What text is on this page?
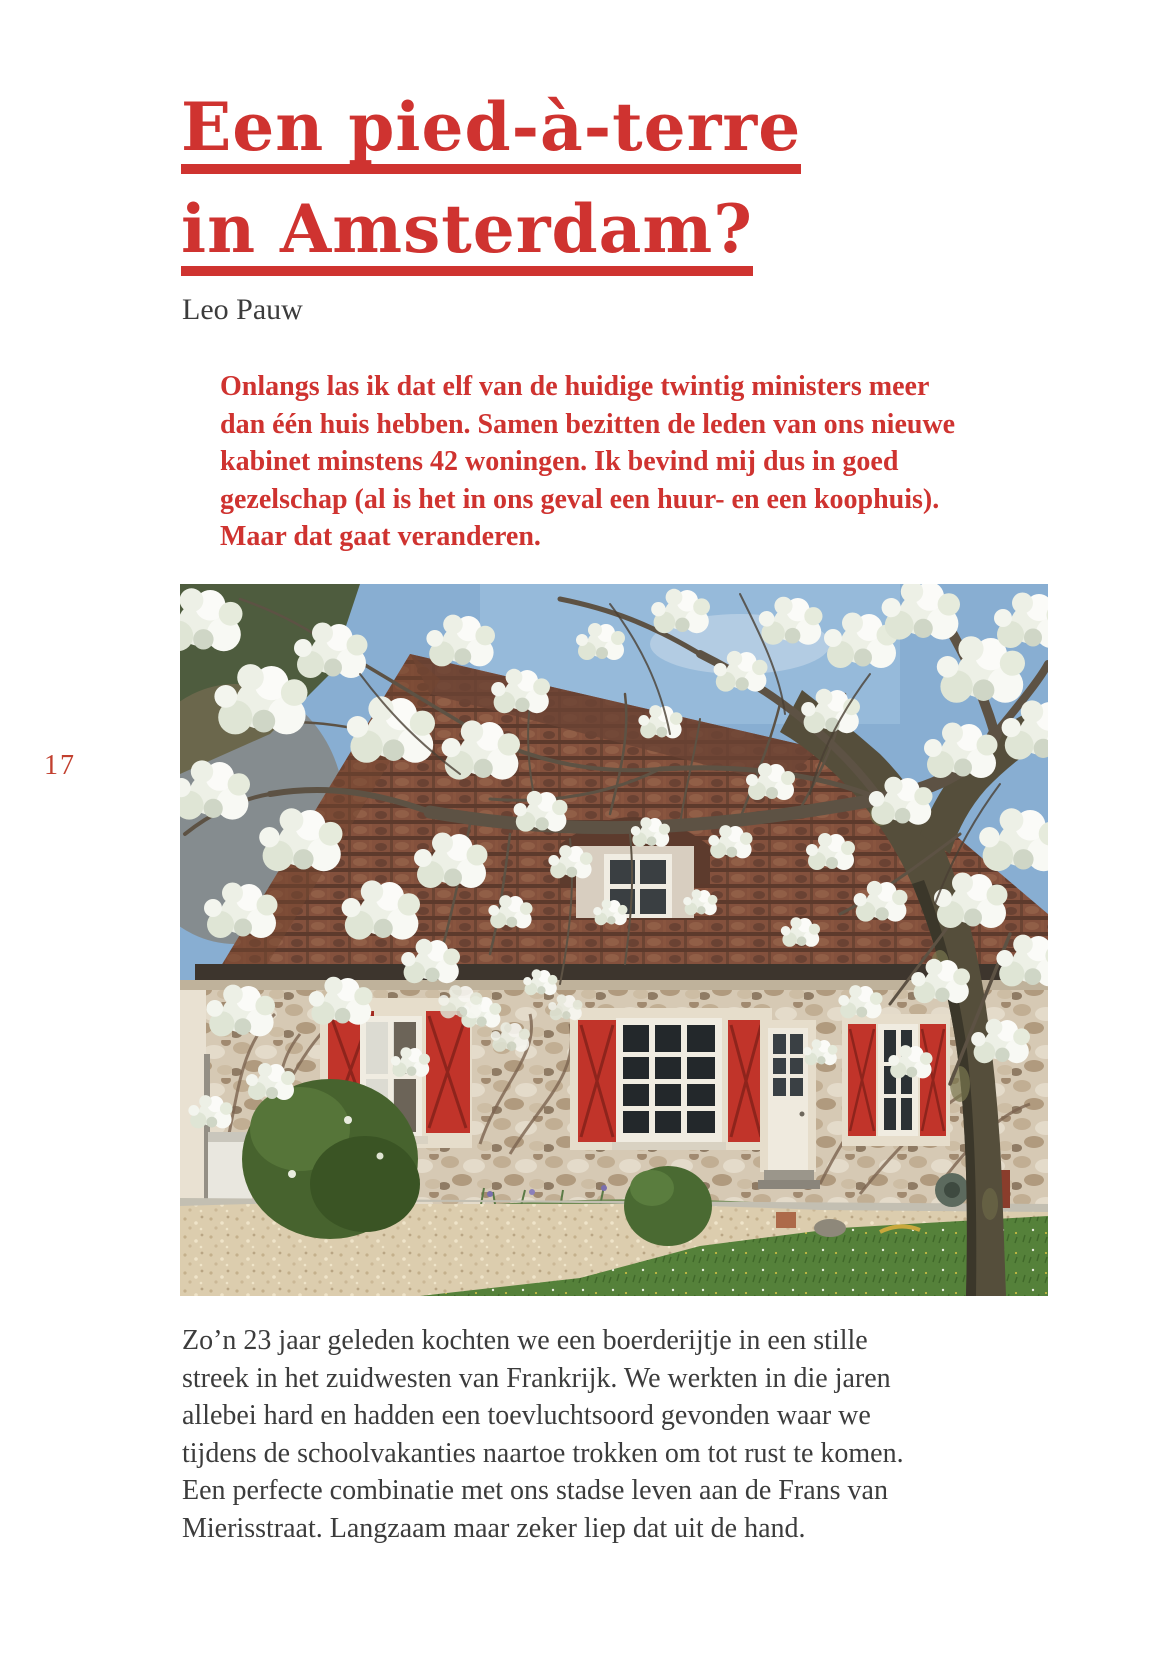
17
Een pied-à-terre
in Amsterdam?
Leo Pauw
Onlangs las ik dat elf van de huidige twintig ministers meer
dan één huis hebben. Samen bezitten de leden van ons nieuwe
kabinet minstens 42 woningen. Ik bevind mij dus in goed
gezelschap (al is het in ons geval een huur- en een koophuis).
Maar dat gaat veranderen.
Zo’n 23 jaar geleden kochten we een boerderijtje in een stille
streek in het zuidwesten van Frankrijk. We werkten in die jaren
allebei hard en hadden een toevluchtsoord gevonden waar we
tijdens de schoolvakanties naartoe trokken om tot rust te komen.
Een perfecte combinatie met ons stadse leven aan de Frans van
Mierisstraat. Langzaam maar zeker liep dat uit de hand.
